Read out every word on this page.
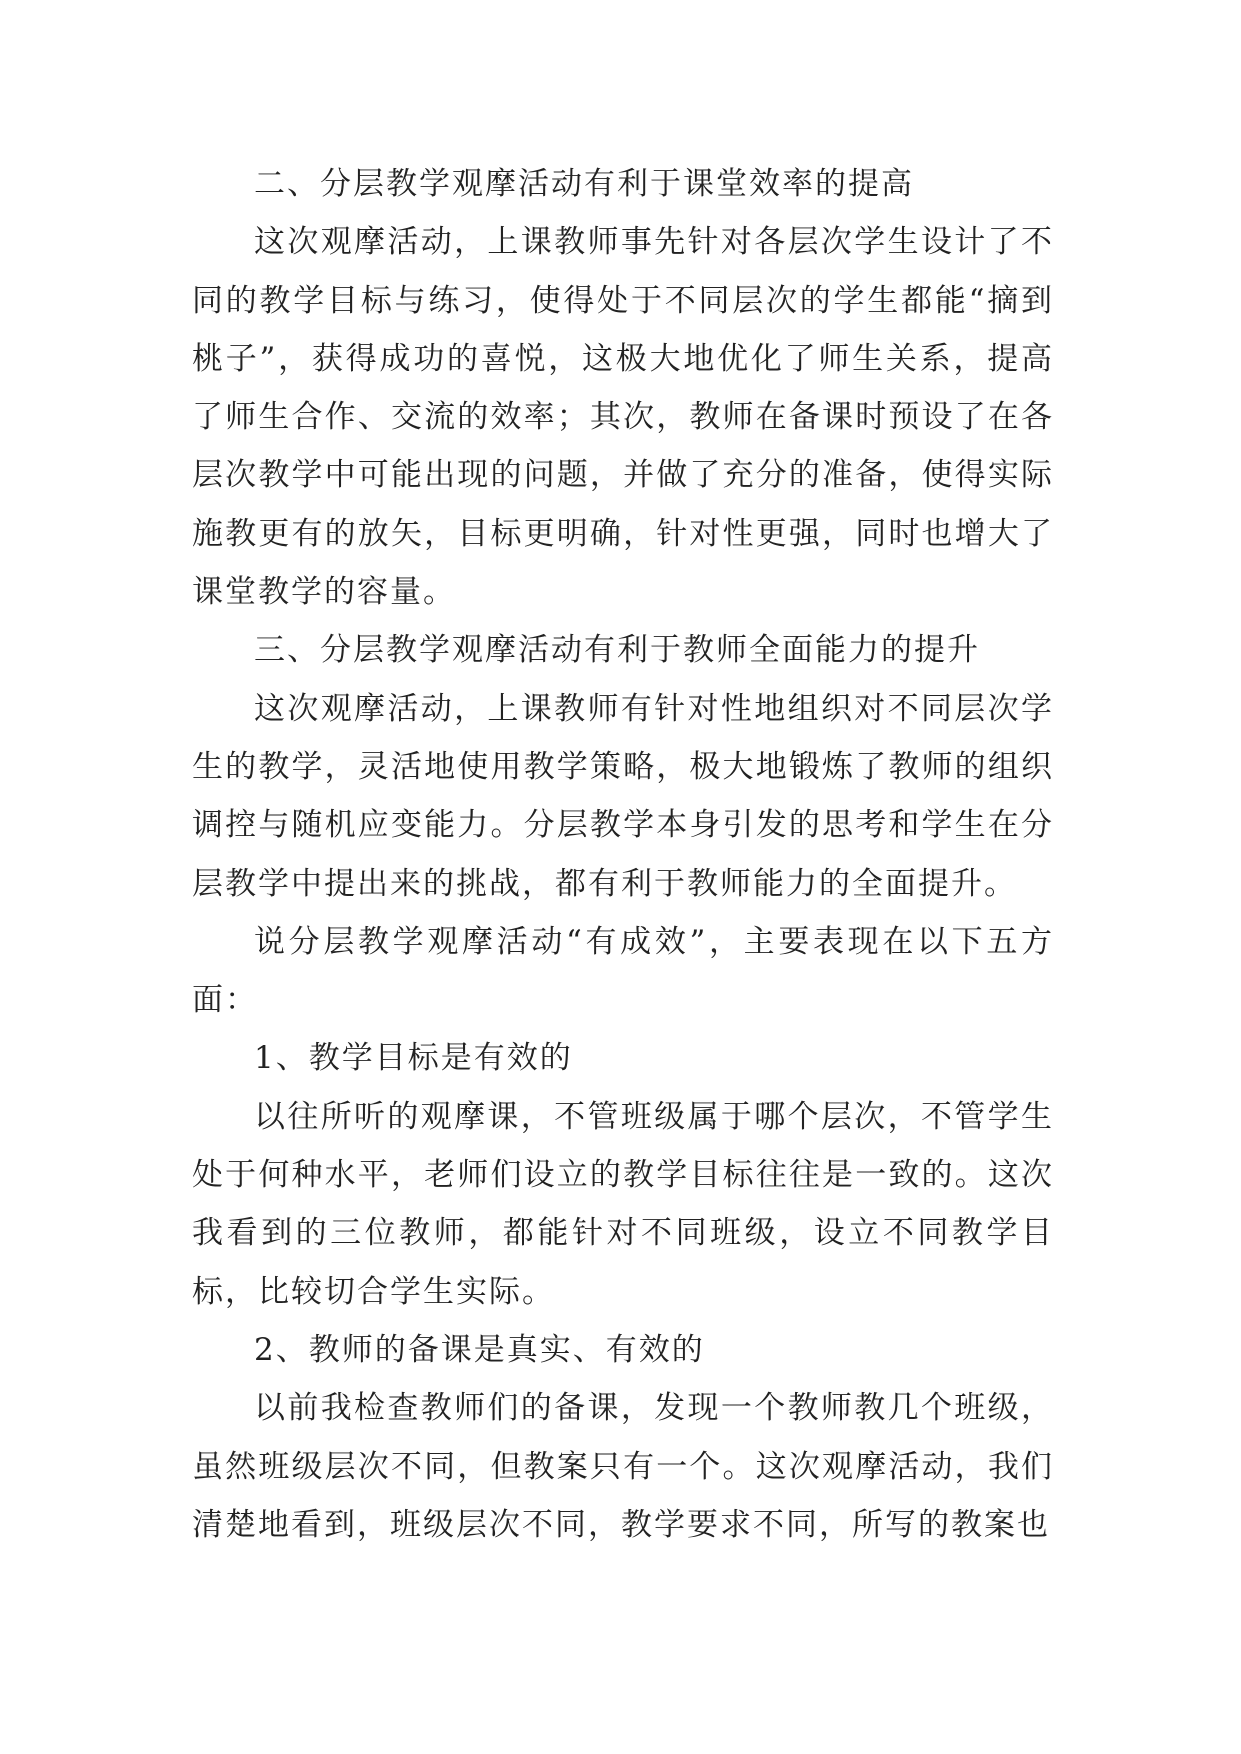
二、分层教学观摩活动有利于课堂效率的提高

这次观摩活动，上课教师事先针对各层次学生设计了不同的教学目标与练习，使得处于不同层次的学生都能“摘到桃子”，获得成功的喜悦，这极大地优化了师生关系，提高了师生合作、交流的效率；其次，教师在备课时预设了在各层次教学中可能出现的问题，并做了充分的准备，使得实际施教更有的放矢，目标更明确，针对性更强，同时也增大了课堂教学的容量。

三、分层教学观摩活动有利于教师全面能力的提升

这次观摩活动，上课教师有针对性地组织对不同层次学生的教学，灵活地使用教学策略，极大地锻炼了教师的组织调控与随机应变能力。分层教学本身引发的思考和学生在分层教学中提出来的挑战，都有利于教师能力的全面提升。

说分层教学观摩活动“有成效”，主要表现在以下五方面：

1、教学目标是有效的

以往所听的观摩课，不管班级属于哪个层次，不管学生处于何种水平，老师们设立的教学目标往往是一致的。这次我看到的三位教师，都能针对不同班级，设立不同教学目标，比较切合学生实际。

2、教师的备课是真实、有效的

以前我检查教师们的备课，发现一个教师教几个班级，虽然班级层次不同，但教案只有一个。这次观摩活动，我们清楚地看到，班级层次不同，教学要求不同，所写的教案也
